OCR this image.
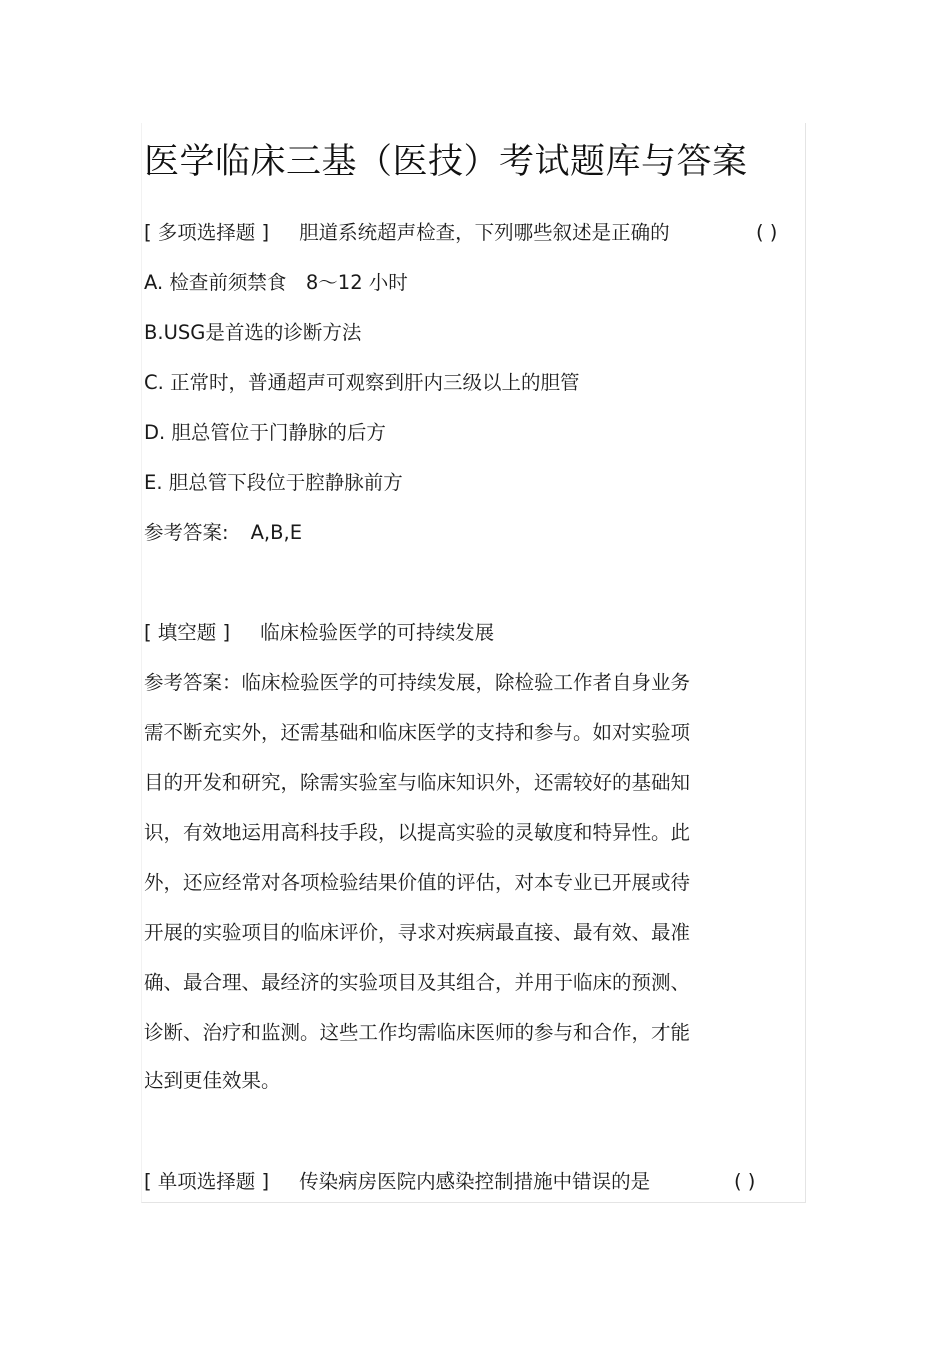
医学临床三基（医技）考试题库与答案
[ 多项选择题 ] 胆道系统超声检查，下列哪些叙述是正确的	( )
A. 检查前须禁食　8～12 小时
B.USG是首选的诊断方法
C. 正常时，普通超声可观察到肝内三级以上的胆管
D. 胆总管位于门静脉的后方
E. 胆总管下段位于腔静脉前方
参考答案: A,B,E
[ 填空题 ] 临床检验医学的可持续发展
参考答案：临床检验医学的可持续发展，除检验工作者自身业务
需不断充实外，还需基础和临床医学的支持和参与。如对实验项
目的开发和研究，除需实验室与临床知识外，还需较好的基础知
识，有效地运用高科技手段，以提高实验的灵敏度和特异性。此
外，还应经常对各项检验结果价值的评估，对本专业已开展或待
开展的实验项目的临床评价，寻求对疾病最直接、最有效、最准
确、最合理、最经济的实验项目及其组合，并用于临床的预测、
诊断、治疗和监测。这些工作均需临床医师的参与和合作，才能
达到更佳效果。
[ 单项选择题 ] 传染病房医院内感染控制措施中错误的是	( )
